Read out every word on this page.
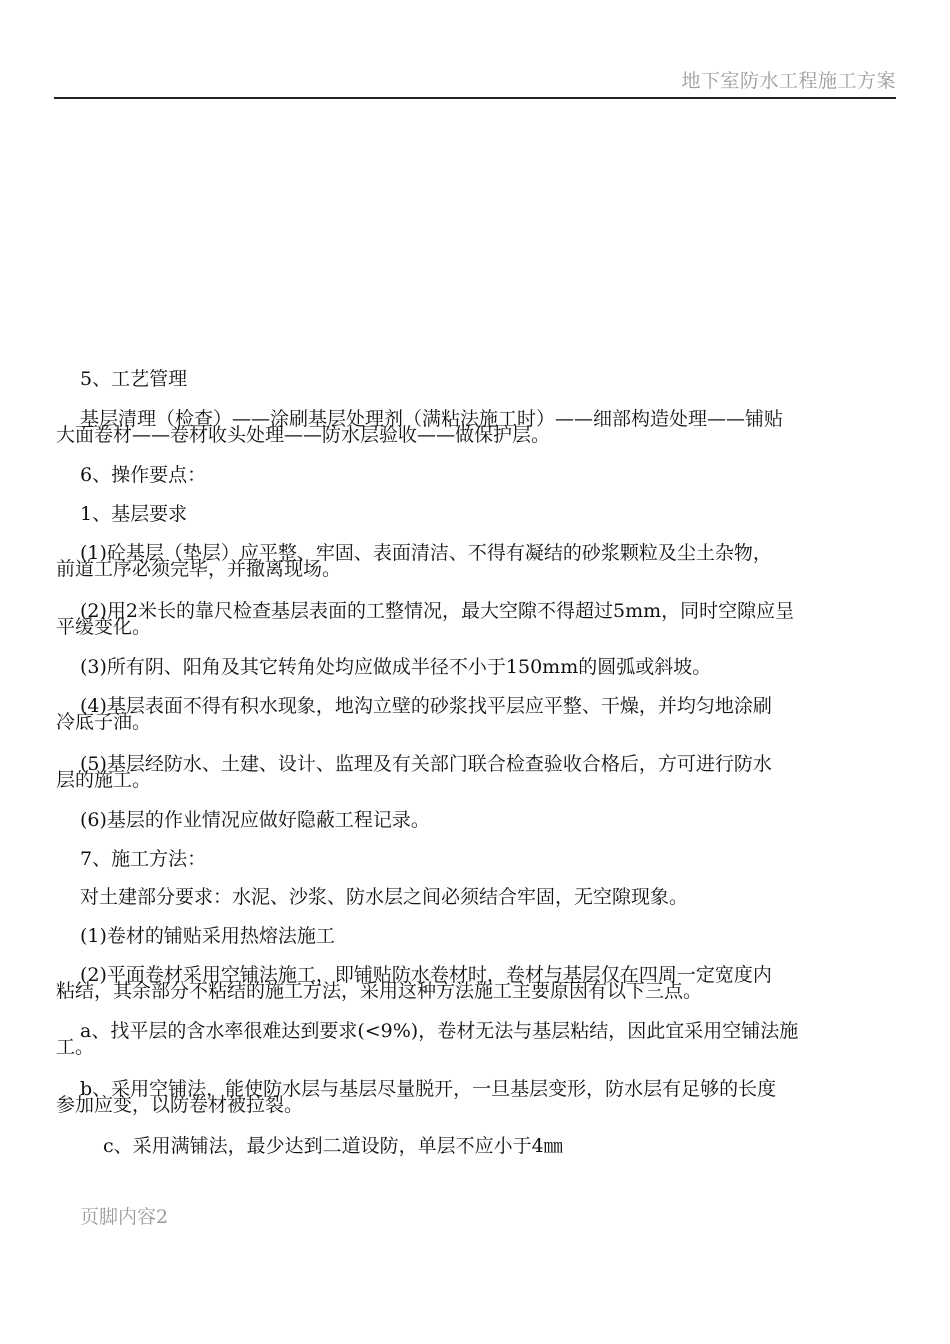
地下室防水工程施工方案
5、工艺管理
基层清理（检查）——涂刷基层处理剂（满粘法施工时）——细部构造处理——铺贴
大面卷材——卷材收头处理——防水层验收——做保护层。
6、操作要点：
1、基层要求
(1)砼基层（垫层）应平整、牢固、表面清洁、不得有凝结的砂浆颗粒及尘土杂物，
前道工序必须完毕，并撤离现场。
(2)用2米长的靠尺检查基层表面的工整情况，最大空隙不得超过5mm，同时空隙应呈
平缓变化。
(3)所有阴、阳角及其它转角处均应做成半径不小于150mm的圆弧或斜坡。
(4)基层表面不得有积水现象，地沟立壁的砂浆找平层应平整、干燥，并均匀地涂刷
冷底子油。
(5)基层经防水、土建、设计、监理及有关部门联合检查验收合格后，方可进行防水
层的施工。
(6)基层的作业情况应做好隐蔽工程记录。
7、施工方法：
对土建部分要求：水泥、沙浆、防水层之间必须结合牢固，无空隙现象。
(1)卷材的铺贴采用热熔法施工
(2)平面卷材采用空铺法施工，即铺贴防水卷材时，卷材与基层仅在四周一定宽度内
粘结，其余部分不粘结的施工方法，采用这种方法施工主要原因有以下三点。
a、找平层的含水率很难达到要求(<9%)，卷材无法与基层粘结，因此宜采用空铺法施
工。
b、采用空铺法，能使防水层与基层尽量脱开，一旦基层变形，防水层有足够的长度
参加应变，以防卷材被拉裂。
c、采用满铺法，最少达到二道设防，单层不应小于4㎜
页脚内容2
